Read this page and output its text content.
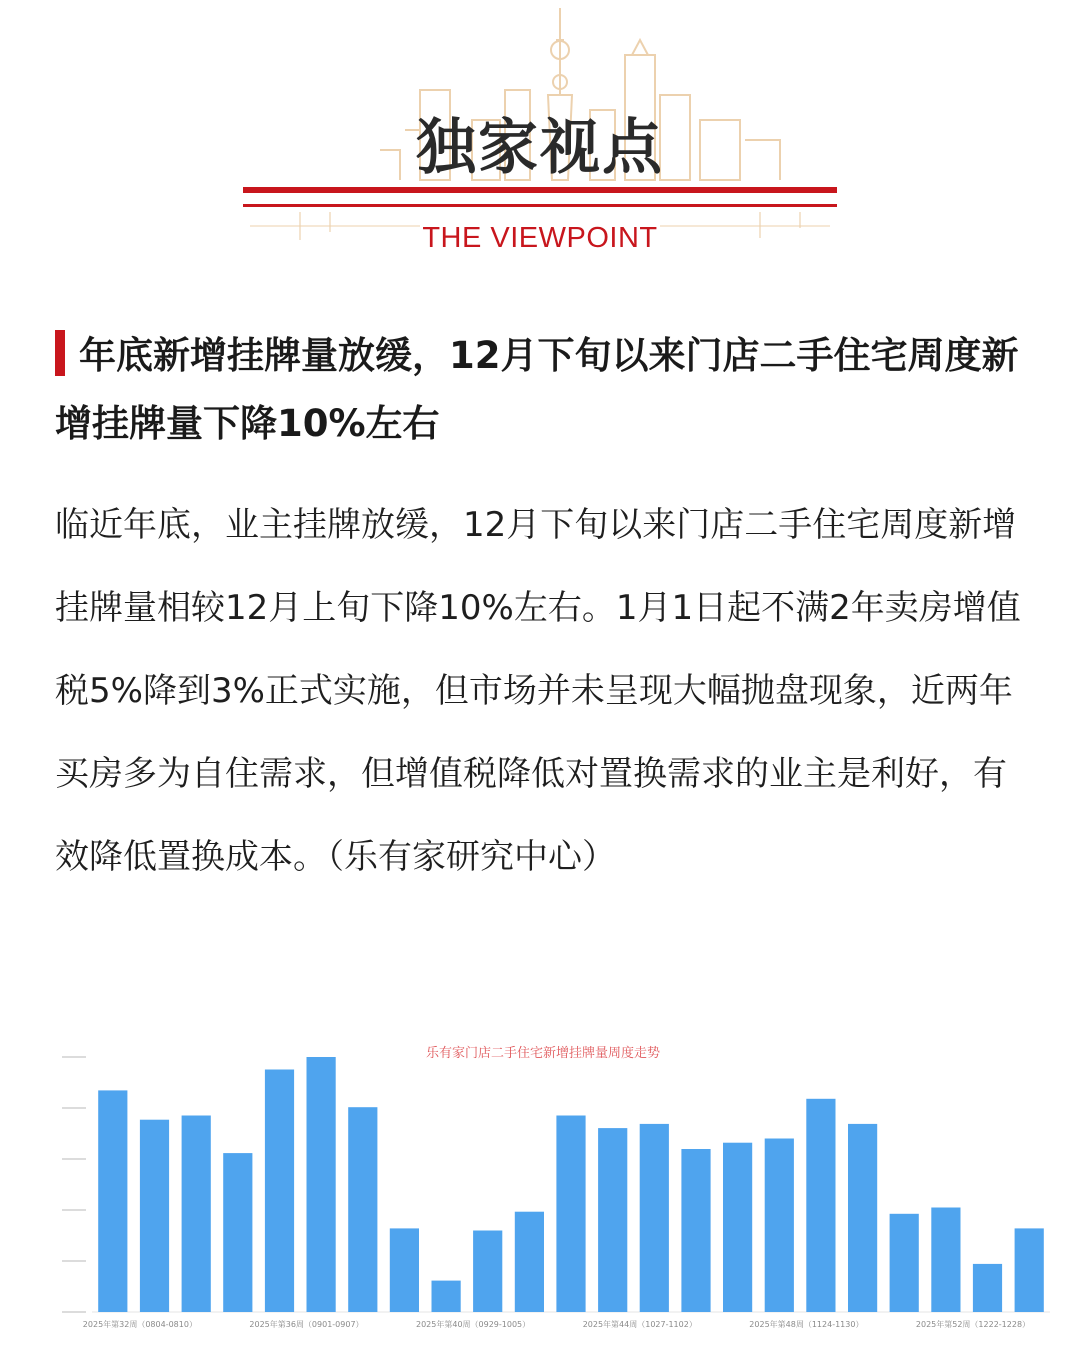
独家视点
THE VIEWPOINT
年底新增挂牌量放缓，12月下旬以来门店二手住宅周度新增挂牌量下降10%左右
临近年底，业主挂牌放缓，12月下旬以来门店二手住宅周度新增挂牌量相较12月上旬下降10%左右。1月1日起不满2年卖房增值税5%降到3%正式实施，但市场并未呈现大幅抛盘现象，近两年买房多为自住需求，但增值税降低对置换需求的业主是利好，有效降低置换成本。（乐有家研究中心）
乐有家门店二手住宅新增挂牌量周度走势
2025年第32周（0804-0810）	2025年第36周（0901-0907）	2025年第40周（0929-1005）	2025年第44周（1027-1102）	2025年第48周（1124-1130）	2025年第52周（1222-1228）
